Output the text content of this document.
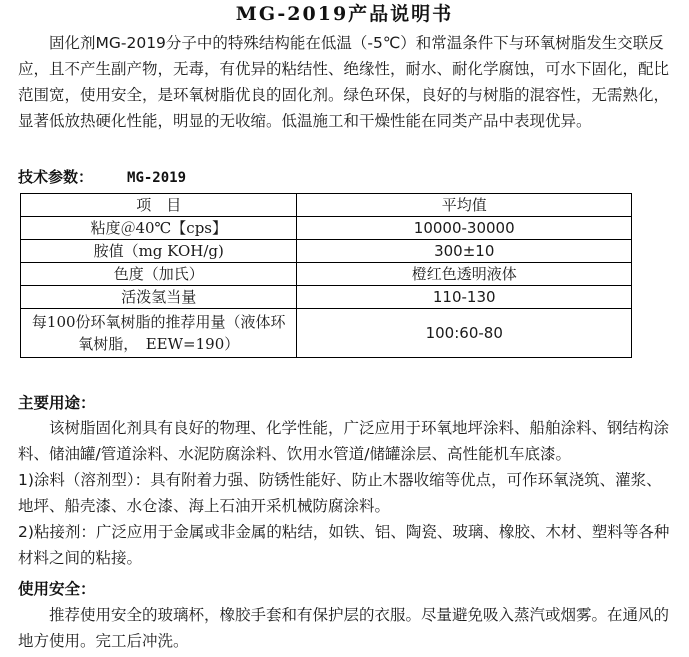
MG-2019产品说明书
固化剂MG-2019分子中的特殊结构能在低温（-5℃）和常温条件下与环氧树脂发生交联反应，且不产生副产物，无毒，有优异的粘结性、绝缘性，耐水、耐化学腐蚀，可水下固化，配比范围宽，使用安全，是环氧树脂优良的固化剂。绿色环保，良好的与树脂的混容性，无需熟化，显著低放热硬化性能，明显的无收缩。低温施工和干燥性能在同类产品中表现优异。
技术参数： MG-2019
项　目	平均值
粘度＠40℃【cps】	10000-30000
胺值（mg KOH/g)	300±10
色度（加氏）	橙红色透明液体
活泼氢当量	110-130
每100份环氧树脂的推荐用量（液体环氧树脂，　EEW=190）	100:60-80
主要用途：
该树脂固化剂具有良好的物理、化学性能，广泛应用于环氧地坪涂料、船舶涂料、钢结构涂料、储油罐/管道涂料、水泥防腐涂料、饮用水管道/储罐涂层、高性能机车底漆。
1)涂料（溶剂型）：具有附着力强、防锈性能好、防止木器收缩等优点，可作环氧浇筑、灌浆、地坪、船壳漆、水仓漆、海上石油开采机械防腐涂料。
2)粘接剂：广泛应用于金属或非金属的粘结，如铁、铝、陶瓷、玻璃、橡胶、木材、塑料等各种材料之间的粘接。
使用安全：
推荐使用安全的玻璃杯，橡胶手套和有保护层的衣服。尽量避免吸入蒸汽或烟雾。在通风的地方使用。完工后冲洗。
